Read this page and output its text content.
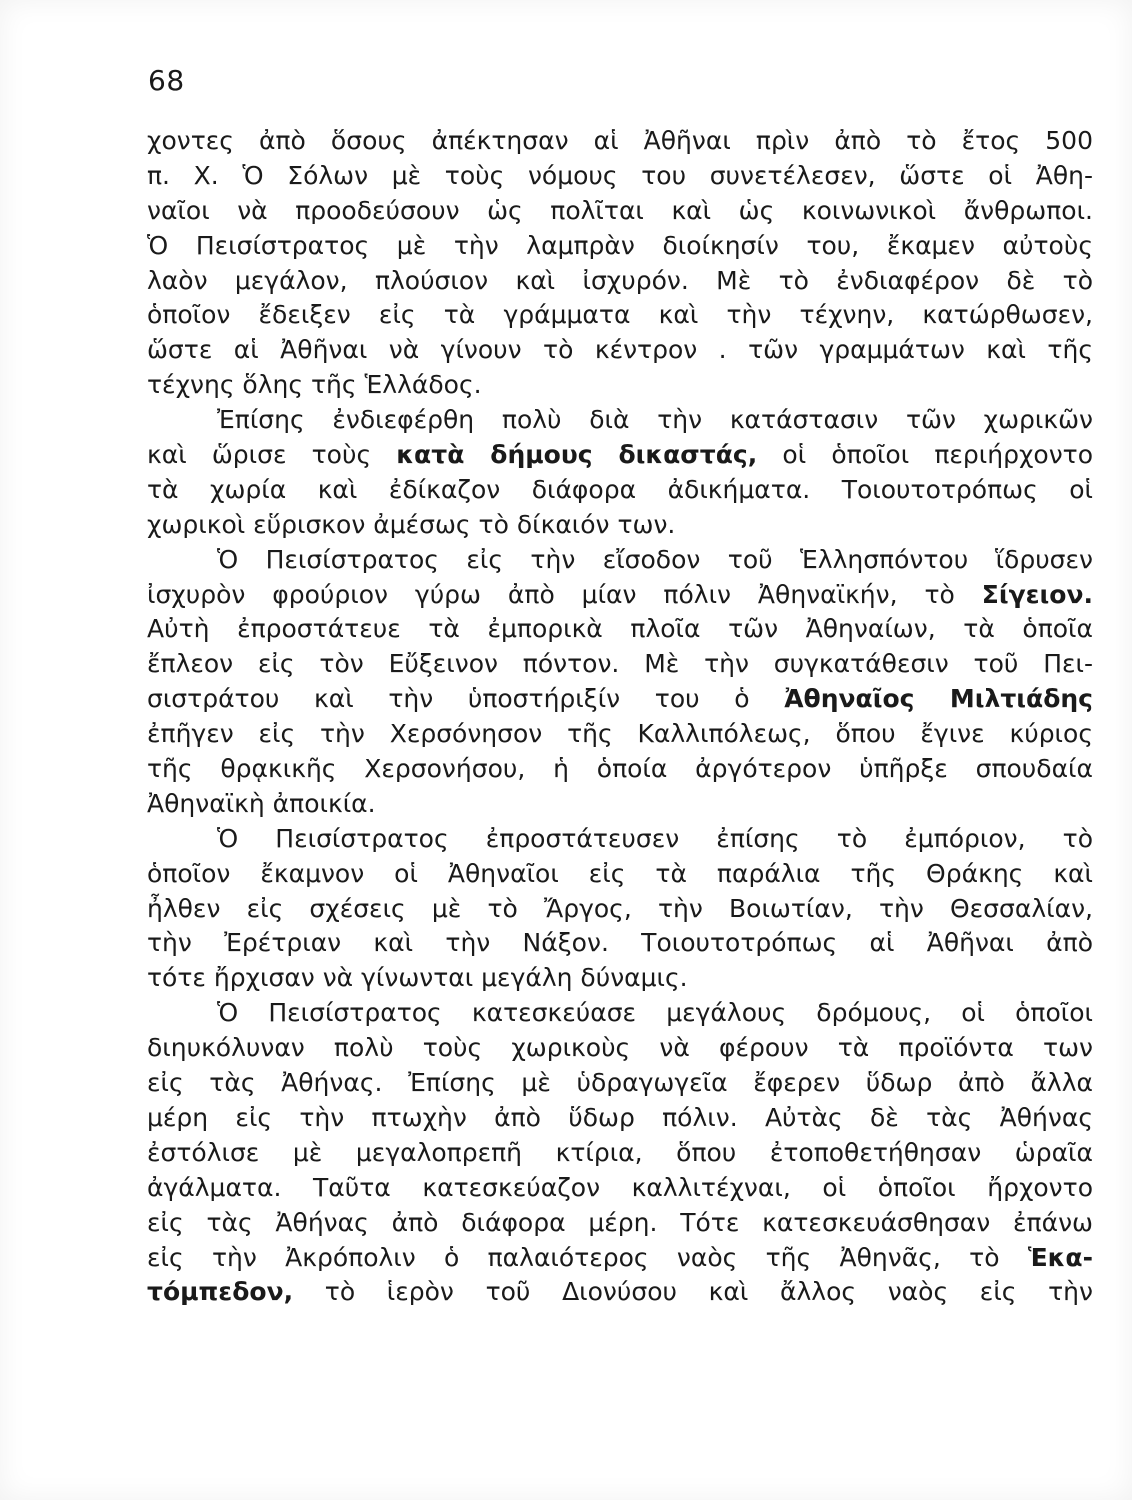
68
χοντες ἀπὸ ὅσους ἀπέκτησαν αἱ Ἀθῆναι πρὶν ἀπὸ τὸ ἔτος 500
π. Χ. Ὁ Σόλων μὲ τοὺς νόμους του συνετέλεσεν, ὥστε οἱ Ἀθη-
ναῖοι νὰ προοδεύσουν ὡς πολῖται καὶ ὡς κοινωνικοὶ ἄνθρωποι.
Ὁ Πεισίστρατος μὲ τὴν λαμπρὰν διοίκησίν του, ἔκαμεν αὐτοὺς
λαὸν μεγάλον, πλούσιον καὶ ἰσχυρόν. Μὲ τὸ ἐνδιαφέρον δὲ τὸ
ὁποῖον ἔδειξεν εἰς τὰ γράμματα καὶ τὴν τέχνην, κατώρθωσεν,
ὥστε αἱ Ἀθῆναι νὰ γίνουν τὸ κέντρον . τῶν γραμμάτων καὶ τῆς
τέχνης ὅλης τῆς Ἑλλάδος.
Ἐπίσης ἐνδιεφέρθη πολὺ διὰ τὴν κατάστασιν τῶν χωρικῶν
καὶ ὥρισε τοὺς κατὰ δήμους δικαστάς, οἱ ὁποῖοι περιήρχοντο
τὰ χωρία καὶ ἐδίκαζον διάφορα ἀδικήματα. Τοιουτοτρόπως οἱ
χωρικοὶ εὕρισκον ἀμέσως τὸ δίκαιόν των.
Ὁ Πεισίστρατος εἰς τὴν εἴσοδον τοῦ Ἑλλησπόντου ἵδρυσεν
ἰσχυρὸν φρούριον γύρω ἀπὸ μίαν πόλιν Ἀθηναϊκήν, τὸ Σίγειον.
Αὐτὴ ἐπροστάτευε τὰ ἐμπορικὰ πλοῖα τῶν Ἀθηναίων, τὰ ὁποῖα
ἔπλεον εἰς τὸν Εὔξεινον πόντον. Μὲ τὴν συγκατάθεσιν τοῦ Πει-
σιστράτου καὶ τὴν ὑποστήριξίν του ὁ Ἀθηναῖος Μιλτιάδης
ἐπῆγεν εἰς τὴν Χερσόνησον τῆς Καλλιπόλεως, ὅπου ἔγινε κύριος
τῆς θρᾳκικῆς Χερσονήσου, ἡ ὁποία ἀργότερον ὑπῆρξε σπουδαία
Ἀθηναϊκὴ ἀποικία.
Ὁ Πεισίστρατος ἐπροστάτευσεν ἐπίσης τὸ ἐμπόριον, τὸ
ὁποῖον ἔκαμνον οἱ Ἀθηναῖοι εἰς τὰ παράλια τῆς Θράκης καὶ
ἦλθεν εἰς σχέσεις μὲ τὸ Ἄργος, τὴν Βοιωτίαν, τὴν Θεσσαλίαν,
τὴν Ἐρέτριαν καὶ τὴν Νάξον. Τοιουτοτρόπως αἱ Ἀθῆναι ἀπὸ
τότε ἤρχισαν νὰ γίνωνται μεγάλη δύναμις.
Ὁ Πεισίστρατος κατεσκεύασε μεγάλους δρόμους, οἱ ὁποῖοι
διηυκόλυναν πολὺ τοὺς χωρικοὺς νὰ φέρουν τὰ προϊόντα των
εἰς τὰς Ἀθήνας. Ἐπίσης μὲ ὑδραγωγεῖα ἔφερεν ὕδωρ ἀπὸ ἄλλα
μέρη εἰς τὴν πτωχὴν ἀπὸ ὕδωρ πόλιν. Αὐτὰς δὲ τὰς Ἀθήνας
ἐστόλισε μὲ μεγαλοπρεπῆ κτίρια, ὅπου ἐτοποθετήθησαν ὡραῖα
ἀγάλματα. Ταῦτα κατεσκεύαζον καλλιτέχναι, οἱ ὁποῖοι ἤρχοντο
εἰς τὰς Ἀθήνας ἀπὸ διάφορα μέρη. Τότε κατεσκευάσθησαν ἐπάνω
εἰς τὴν Ἀκρόπολιν ὁ παλαιότερος ναὸς τῆς Ἀθηνᾶς, τὸ Ἑκα-
τόμπεδον, τὸ ἱερὸν τοῦ Διονύσου καὶ ἄλλος ναὸς εἰς τὴν
